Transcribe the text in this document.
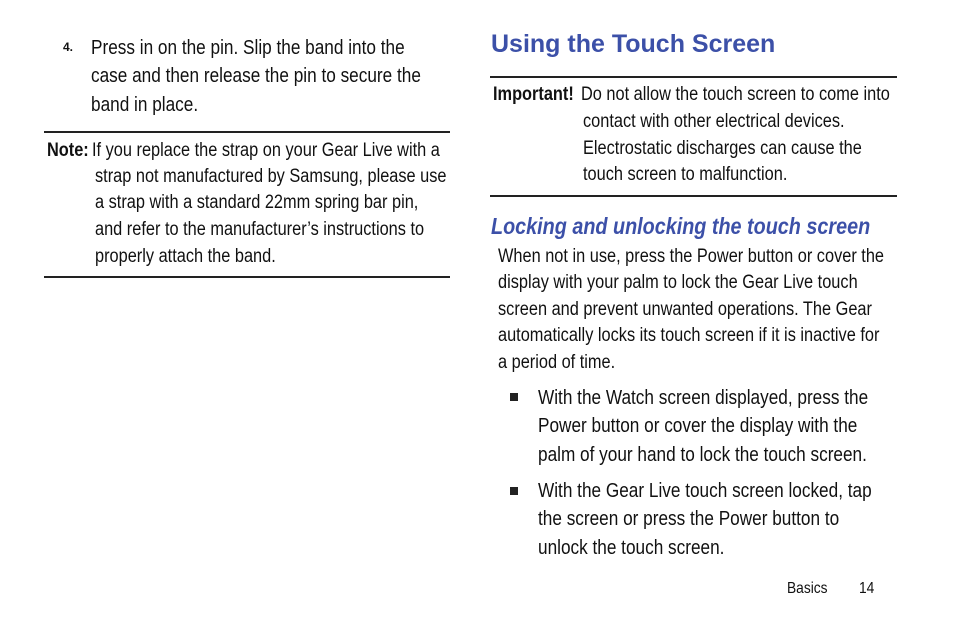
4. Press in on the pin. Slip the band into the
case and then release the pin to secure the
band in place.
Note: If you replace the strap on your Gear Live with a
strap not manufactured by Samsung, please use
a strap with a standard 22mm spring bar pin,
and refer to the manufacturer’s instructions to
properly attach the band.
Using the Touch Screen
Important! Do not allow the touch screen to come into
contact with other electrical devices.
Electrostatic discharges can cause the
touch screen to malfunction.
Locking and unlocking the touch screen
When not in use, press the Power button or cover the
display with your palm to lock the Gear Live touch
screen and prevent unwanted operations. The Gear
automatically locks its touch screen if it is inactive for
a period of time.
With the Watch screen displayed, press the
Power button or cover the display with the
palm of your hand to lock the touch screen.
With the Gear Live touch screen locked, tap
the screen or press the Power button to
unlock the touch screen.
Basics 14
